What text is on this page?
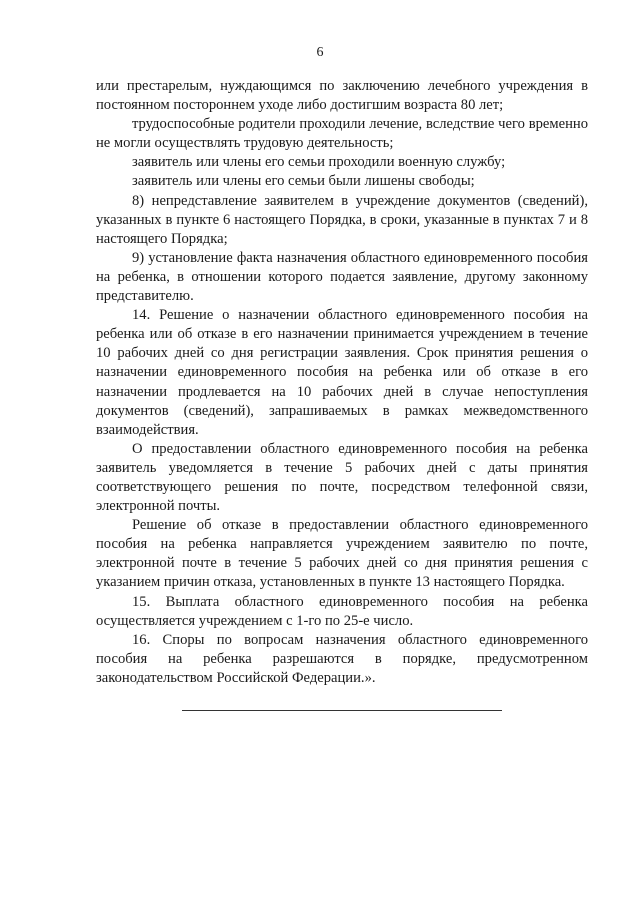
6

или престарелым, нуждающимся по заключению лечебного учреждения в постоянном постороннем уходе либо достигшим возраста 80 лет;

трудоспособные родители проходили лечение, вследствие чего временно не могли осуществлять трудовую деятельность;

заявитель или члены его семьи проходили военную службу;

заявитель или члены его семьи были лишены свободы;

8) непредставление заявителем в учреждение документов (сведений), указанных в пункте 6 настоящего Порядка, в сроки, указанные в пунктах 7 и 8 настоящего Порядка;

9) установление факта назначения областного единовременного пособия на ребенка, в отношении которого подается заявление, другому законному представителю.

14. Решение о назначении областного единовременного пособия на ребенка или об отказе в его назначении принимается учреждением в течение 10 рабочих дней со дня регистрации заявления. Срок принятия решения о назначении единовременного пособия на ребенка или об отказе в его назначении продлевается на 10 рабочих дней в случае непоступления документов (сведений), запрашиваемых в рамках межведомственного взаимодействия.

О предоставлении областного единовременного пособия на ребенка заявитель уведомляется в течение 5 рабочих дней с даты принятия соответствующего решения по почте, посредством телефонной связи, электронной почты.

Решение об отказе в предоставлении областного единовременного пособия на ребенка направляется учреждением заявителю по почте, электронной почте в течение 5 рабочих дней со дня принятия решения с указанием причин отказа, установленных в пункте 13 настоящего Порядка.

15. Выплата областного единовременного пособия на ребенка осуществляется учреждением с 1-го по 25-е число.

16. Споры по вопросам назначения областного единовременного пособия на ребенка разрешаются в порядке, предусмотренном законодательством Российской Федерации.».
